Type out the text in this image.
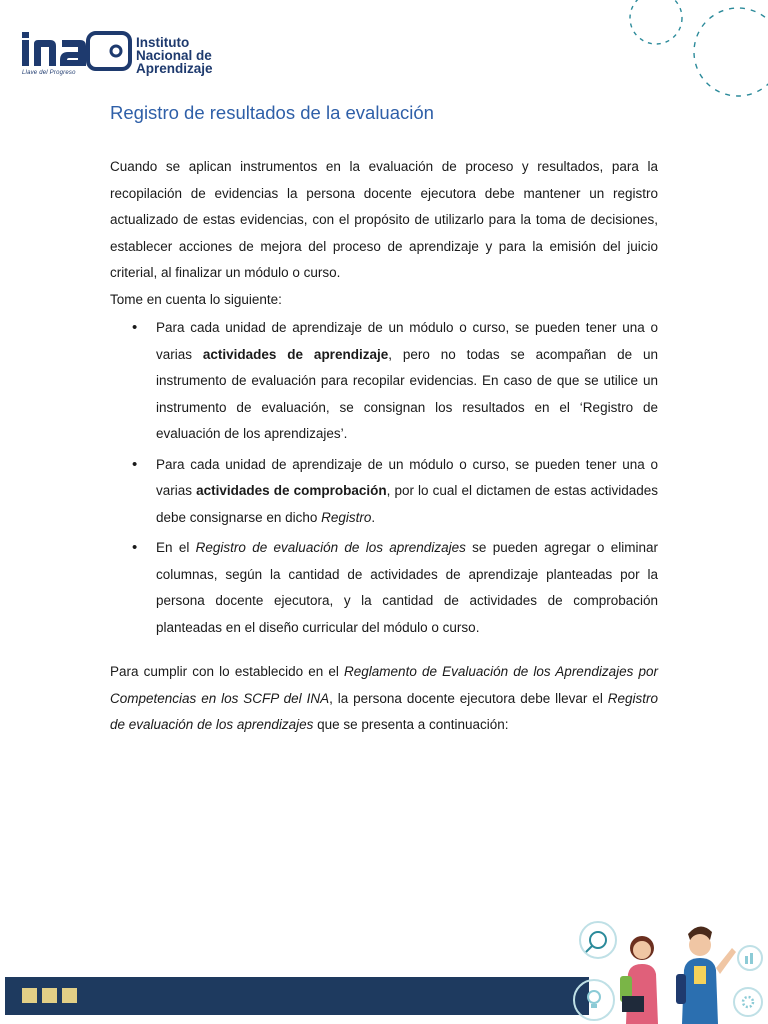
Llave del Progreso
Instituto
Nacional de
Aprendizaje
Registro de resultados de la evaluación

Cuando se aplican instrumentos en la evaluación de proceso y resultados, para la recopilación de evidencias la persona docente ejecutora debe mantener un registro actualizado de estas evidencias, con el propósito de utilizarlo para la toma de decisiones, establecer acciones de mejora del proceso de aprendizaje y para la emisión del juicio criterial, al finalizar un módulo o curso.

Tome en cuenta lo siguiente:

• Para cada unidad de aprendizaje de un módulo o curso, se pueden tener una o varias actividades de aprendizaje, pero no todas se acompañan de un instrumento de evaluación para recopilar evidencias. En caso de que se utilice un instrumento de evaluación, se consignan los resultados en el ‘Registro de evaluación de los aprendizajes’.
• Para cada unidad de aprendizaje de un módulo o curso, se pueden tener una o varias actividades de comprobación, por lo cual el dictamen de estas actividades debe consignarse en dicho Registro.
• En el Registro de evaluación de los aprendizajes se pueden agregar o eliminar columnas, según la cantidad de actividades de aprendizaje planteadas por la persona docente ejecutora, y la cantidad de actividades de comprobación planteadas en el diseño curricular del módulo o curso.

Para cumplir con lo establecido en el Reglamento de Evaluación de los Aprendizajes por Competencias en los SCFP del INA, la persona docente ejecutora debe llevar el Registro de evaluación de los aprendizajes que se presenta a continuación:
